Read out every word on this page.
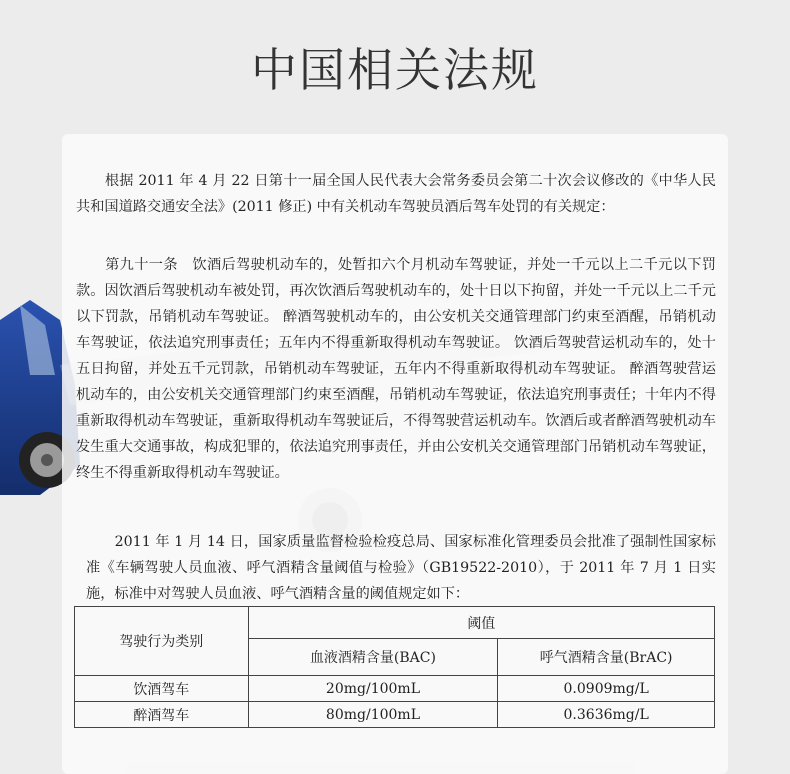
中国相关法规

　　根据 2011 年 4 月 22 日第十一届全国人民代表大会常务委员会第二十次会议修改的《中华人民共和国道路交通安全法》(2011 修正) 中有关机动车驾驶员酒后驾车处罚的有关规定：

　　第九十一条　饮酒后驾驶机动车的，处暂扣六个月机动车驾驶证，并处一千元以上二千元以下罚款。因饮酒后驾驶机动车被处罚，再次饮酒后驾驶机动车的，处十日以下拘留，并处一千元以上二千元以下罚款，吊销机动车驾驶证。 醉酒驾驶机动车的，由公安机关交通管理部门约束至酒醒，吊销机动车驾驶证，依法追究刑事责任；五年内不得重新取得机动车驾驶证。 饮酒后驾驶营运机动车的，处十五日拘留，并处五千元罚款，吊销机动车驾驶证，五年内不得重新取得机动车驾驶证。 醉酒驾驶营运机动车的，由公安机关交通管理部门约束至酒醒，吊销机动车驾驶证，依法追究刑事责任；十年内不得重新取得机动车驾驶证，重新取得机动车驾驶证后，不得驾驶营运机动车。饮酒后或者醉酒驾驶机动车发生重大交通事故，构成犯罪的，依法追究刑事责任，并由公安机关交通管理部门吊销机动车驾驶证，终生不得重新取得机动车驾驶证。

　　2011 年 1 月 14 日，国家质量监督检验检疫总局、国家标准化管理委员会批准了强制性国家标准《车辆驾驶人员血液、呼气酒精含量阈值与检验》（GB19522-2010），于 2011 年 7 月 1 日实施，标准中对驾驶人员血液、呼气酒精含量的阈值规定如下：

驾驶行为类别	阈值	
	血液酒精含量(BAC)	呼气酒精含量(BrAC)
饮酒驾车	20mg/100mL	0.0909mg/L
醉酒驾车	80mg/100mL	0.3636mg/L
